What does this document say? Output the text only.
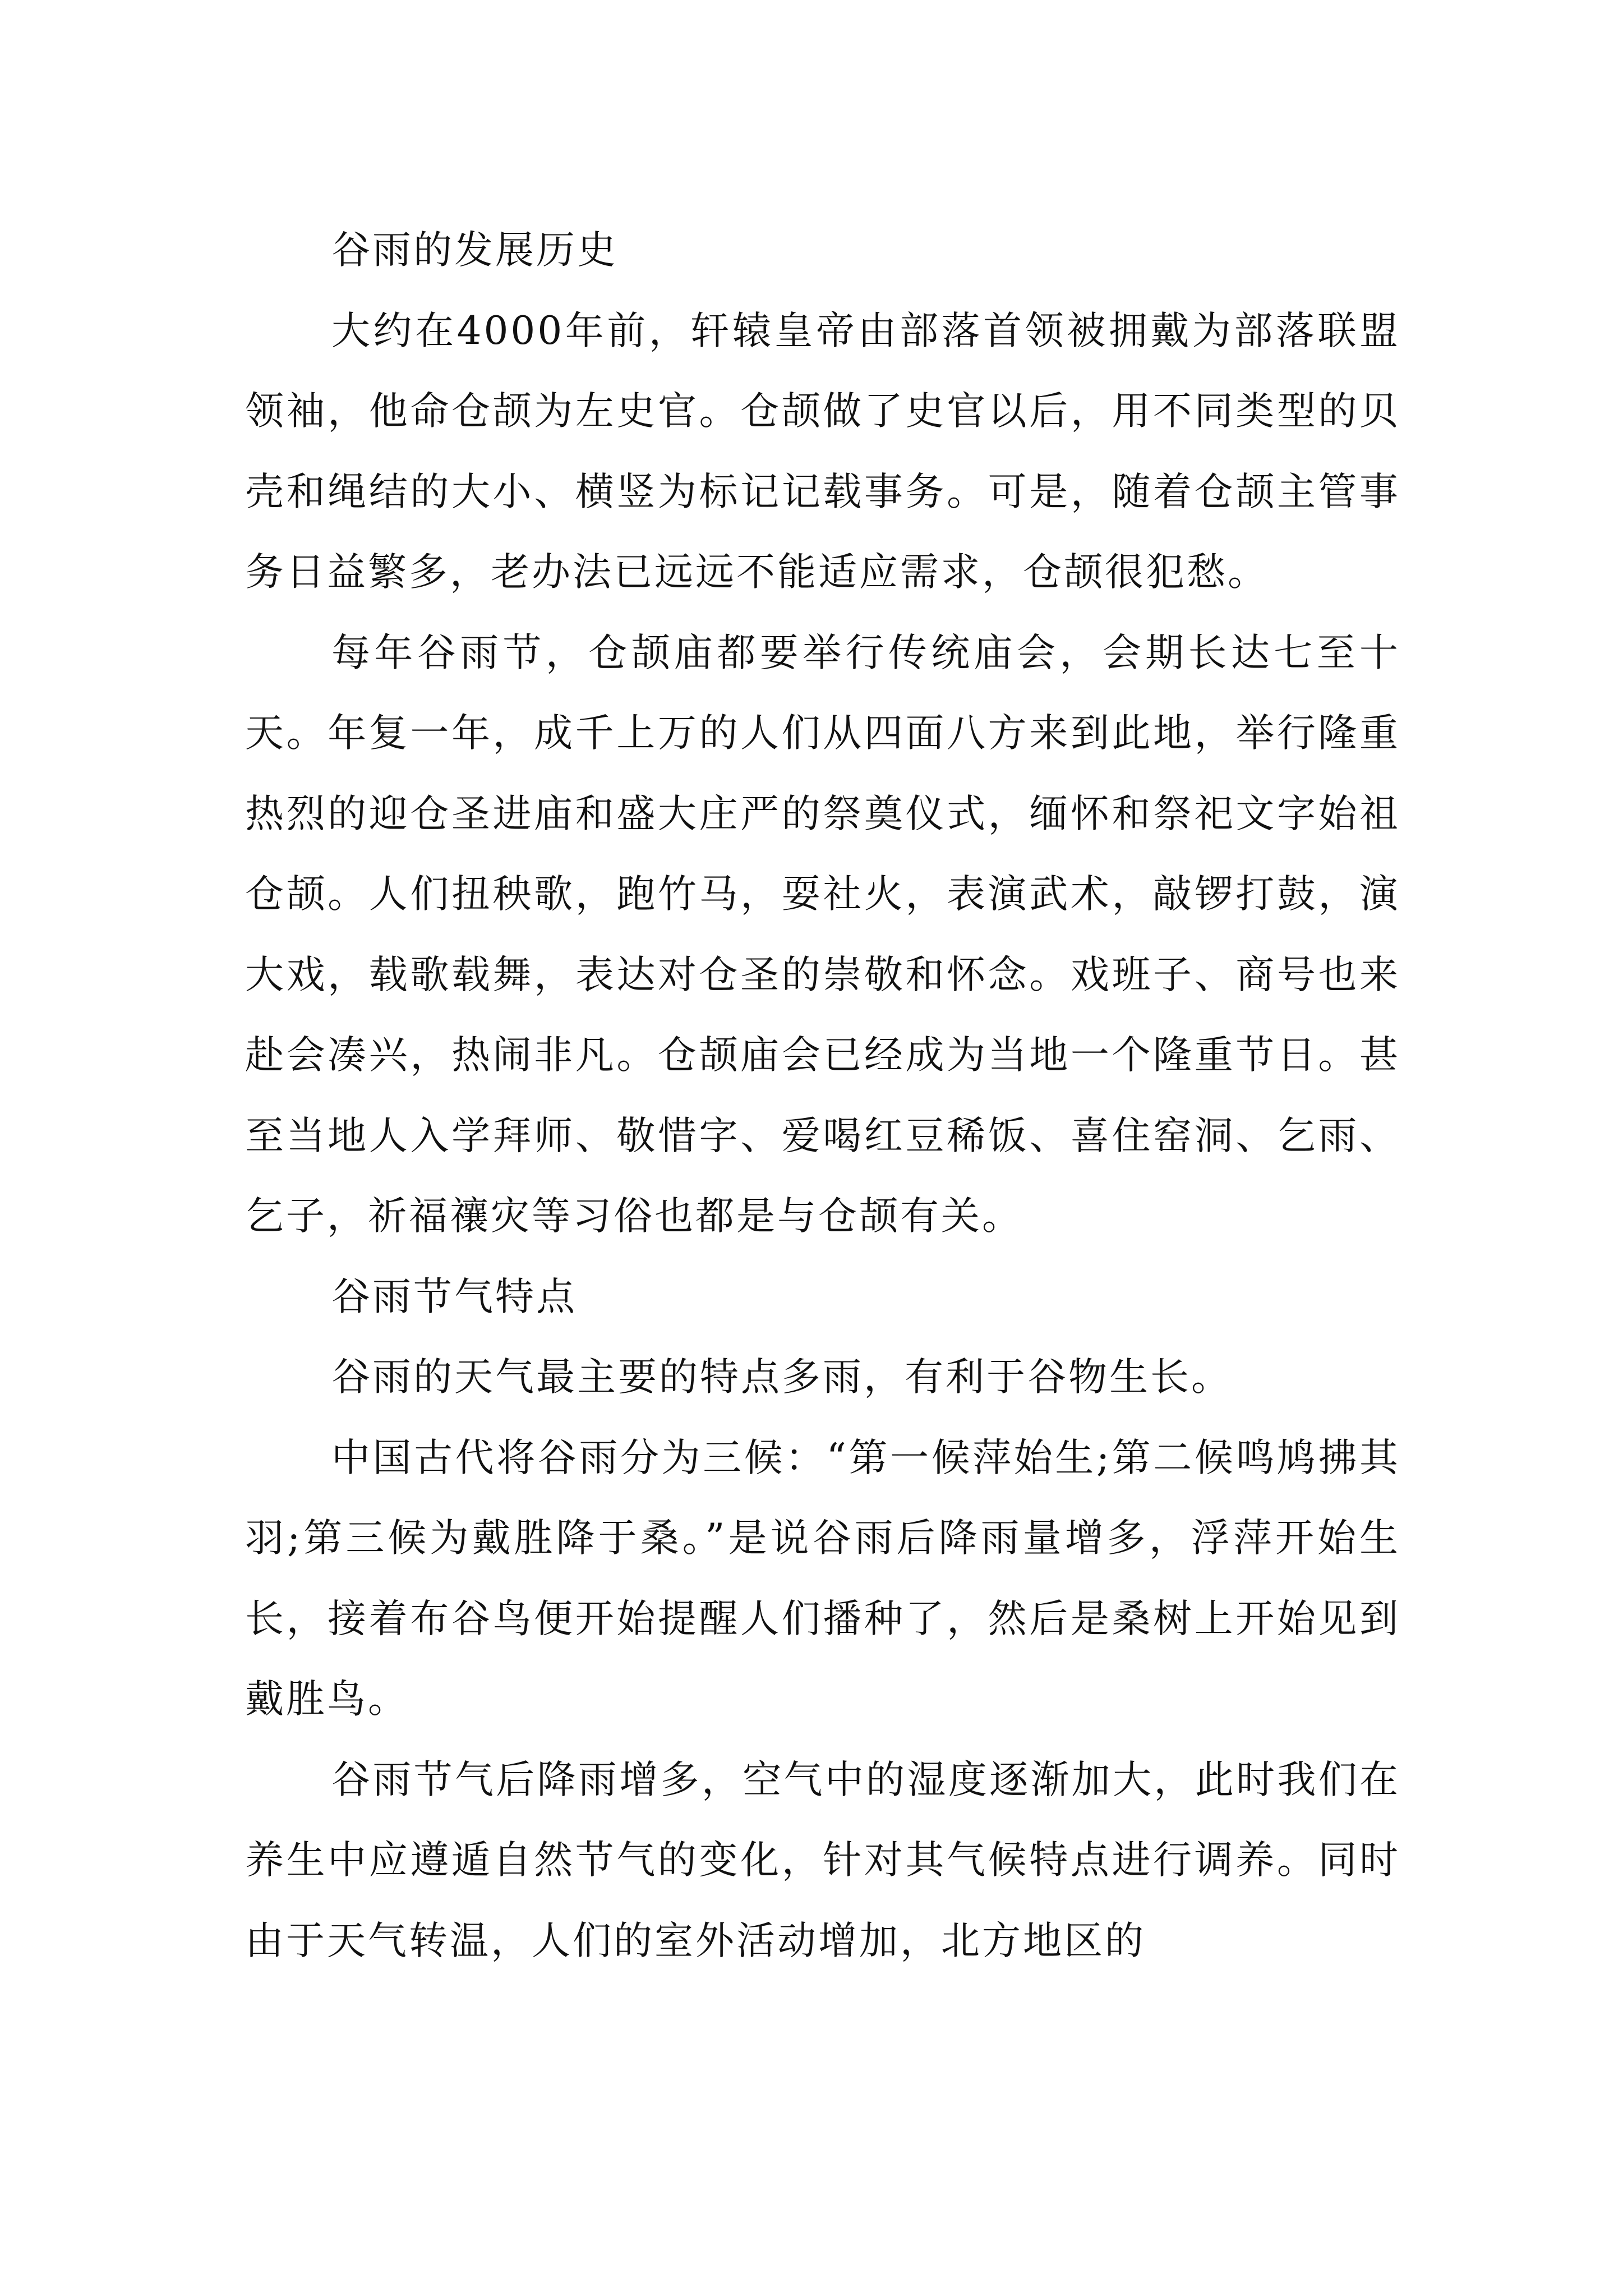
谷雨的发展历史

大约在4000年前，轩辕皇帝由部落首领被拥戴为部落联盟领袖，他命仓颉为左史官。仓颉做了史官以后，用不同类型的贝壳和绳结的大小、横竖为标记记载事务。可是，随着仓颉主管事务日益繁多，老办法已远远不能适应需求，仓颉很犯愁。

每年谷雨节，仓颉庙都要举行传统庙会，会期长达七至十天。年复一年，成千上万的人们从四面八方来到此地，举行隆重热烈的迎仓圣进庙和盛大庄严的祭奠仪式，缅怀和祭祀文字始祖仓颉。人们扭秧歌，跑竹马，耍社火，表演武术，敲锣打鼓，演大戏，载歌载舞，表达对仓圣的崇敬和怀念。戏班子、商号也来赴会凑兴，热闹非凡。仓颉庙会已经成为当地一个隆重节日。甚至当地人入学拜师、敬惜字、爱喝红豆稀饭、喜住窑洞、乞雨、乞子，祈福禳灾等习俗也都是与仓颉有关。

谷雨节气特点

谷雨的天气最主要的特点多雨，有利于谷物生长。

中国古代将谷雨分为三候：“第一候萍始生;第二候鸣鸠拂其羽;第三候为戴胜降于桑。”是说谷雨后降雨量增多，浮萍开始生长，接着布谷鸟便开始提醒人们播种了，然后是桑树上开始见到戴胜鸟。

谷雨节气后降雨增多，空气中的湿度逐渐加大，此时我们在养生中应遵遁自然节气的变化，针对其气候特点进行调养。同时由于天气转温，人们的室外活动增加，北方地区的
